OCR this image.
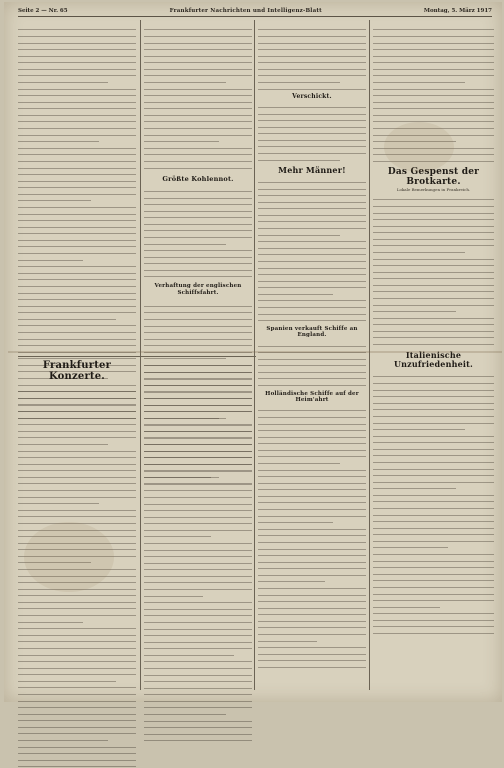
Seite 2 — Nr. 65	Frankfurter Nachrichten und Intelligenz-Blatt	Montag, 5. März 1917
Größte Kohlennot.
Verhaftung der englischen Schiffsfahrt.
Verschickt.
Mehr Männer!
Spanien verkauft Schiffe an England.
Holländische Schiffe auf der Heim'ahrt
Das Gespenst der Brotkarte.
Lokale Bemerkungen in Frankreich.
Italienische Unzufriedenheit.
Frankfurter Konzerte.
